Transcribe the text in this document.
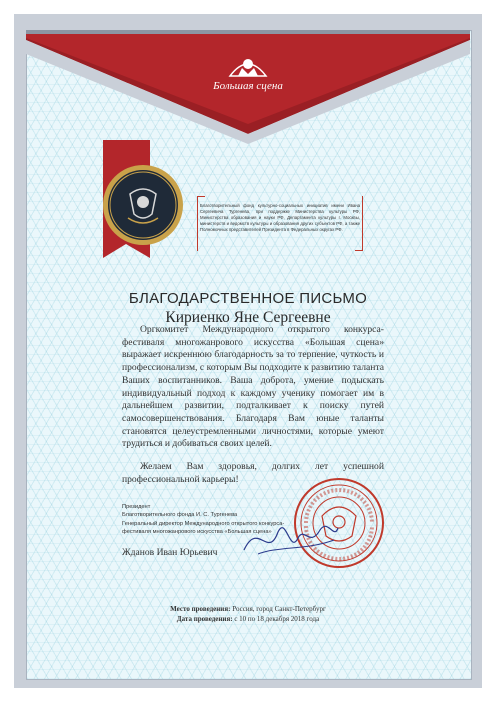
Большая сцена
Благотворительный фонд культурно-социальных инициатив имени Ивана Сергеевича Тургенева, при поддержке Министерства культуры РФ, Министерства образования и науки РФ, Департамента культуры г. Москвы, министерств и ведомств культуры и образования других субъектов РФ, а также Полномочных представителей Президента в Федеральных округах РФ.
БЛАГОДАРСТВЕННОЕ ПИСЬМО
Кириенко Яне Сергеевне
Оргкомитет Международного открытого конкурса-фестиваля многожанрового искусства «Большая сцена» выражает искреннюю благодарность за то терпение, чуткость и профессионализм, с которым Вы подходите к развитию таланта Ваших воспитанников. Ваша доброта, умение подыскать индивидуальный подход к каждому ученику помогает им в дальнейшем развитии, подталкивает к поиску путей самосовершенствования. Благодаря Вам юные таланты становятся целеустремленными личностями, которые умеют трудиться и добиваться своих целей.
Желаем Вам здоровья, долгих лет успешной профессиональной карьеры!
Президент
Благотворительного фонда И. С. Тургенева
Генеральный директор Международного открытого конкурса-
фестиваля многожанрового искусства «Большая сцена»
Жданов Иван Юрьевич
Место проведения: Россия, город Санкт-Петербург
Дата проведения: с 10 по 18 декабря 2018 года
